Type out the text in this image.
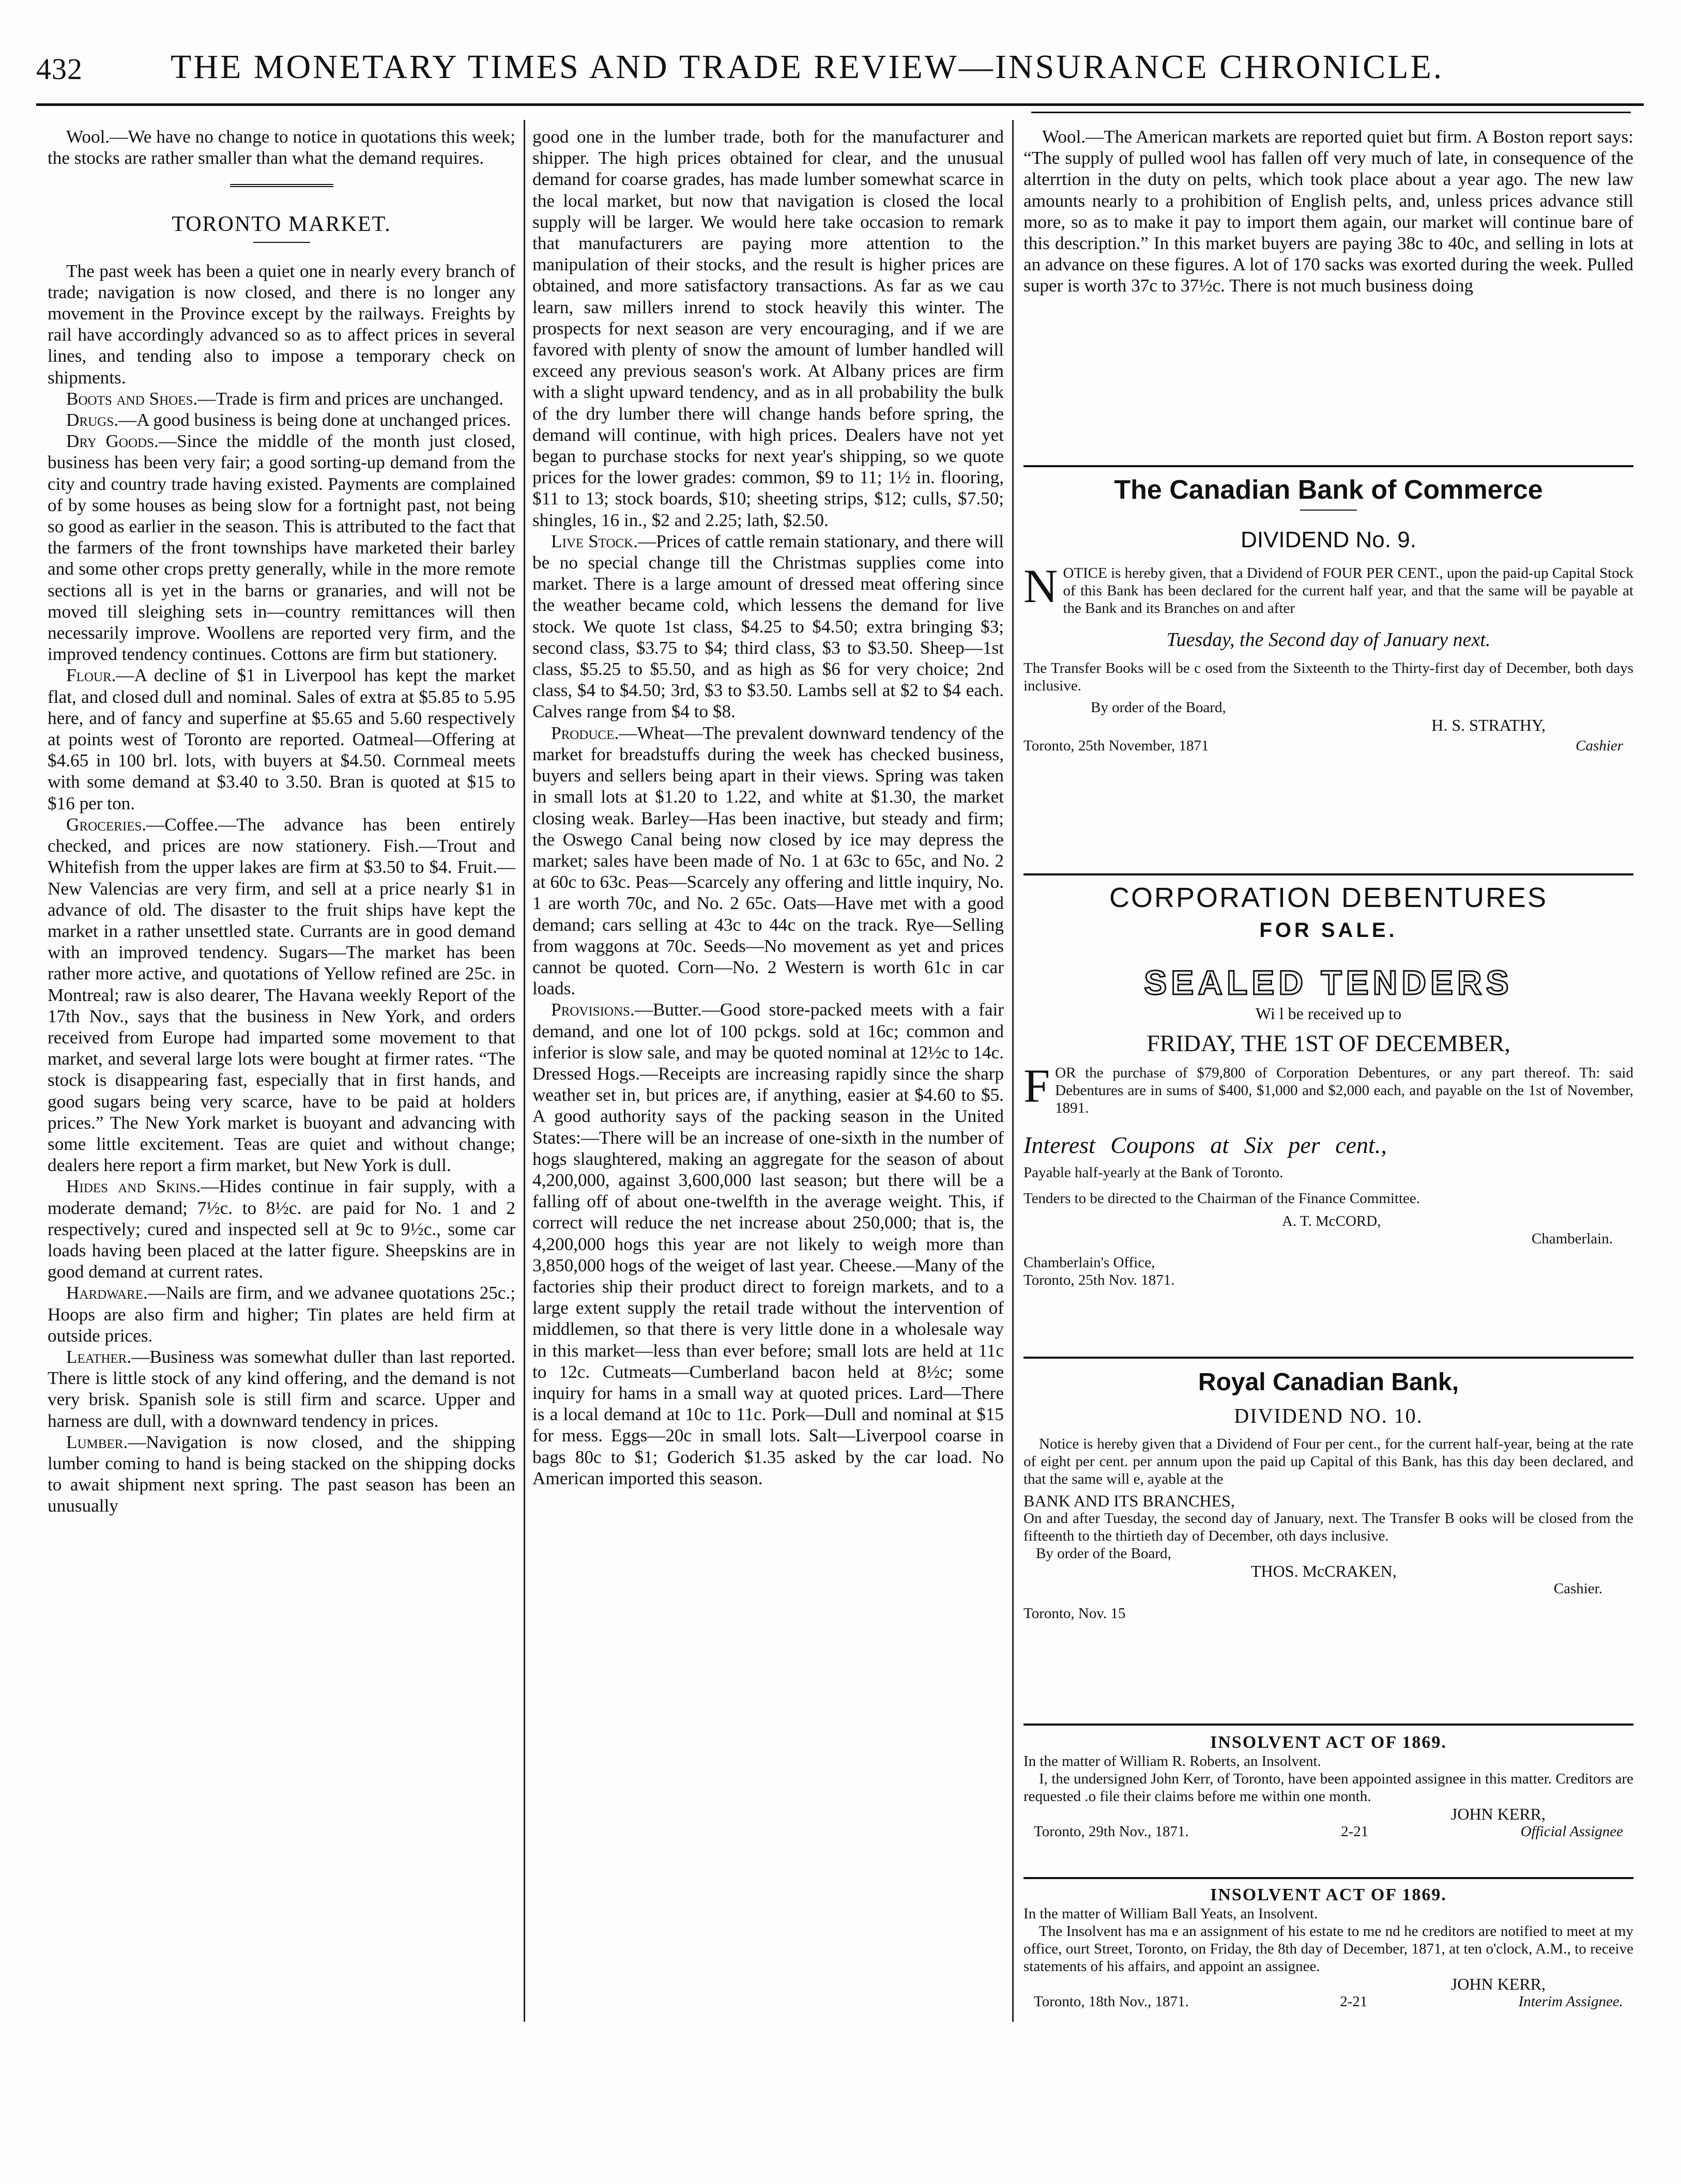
432	THE MONETARY TIMES AND TRADE REVIEW—INSURANCE CHRONICLE.

Wool.—We have no change to notice in quotations this week; the stocks are rather smaller than what the demand requires.

TORONTO MARKET.

The past week has been a quiet one in nearly every branch of trade; navigation is now closed, and there is no longer any movement in the Province except by the railways. Freights by rail have accordingly advanced so as to affect prices in several lines, and tending also to impose a temporary check on shipments.

Boots and Shoes.—Trade is firm and prices are unchanged.

Drugs.—A good business is being done at unchanged prices.

Dry Goods.—Since the middle of the month just closed, business has been very fair; a good sorting-up demand from the city and country trade having existed. Payments are complained of by some houses as being slow for a fortnight past, not being so good as earlier in the season. This is attributed to the fact that the farmers of the front townships have marketed their barley and some other crops pretty generally, while in the more remote sections all is yet in the barns or granaries, and will not be moved till sleighing sets in—country remittances will then necessarily improve. Woollens are reported very firm, and the improved tendency continues. Cottons are firm but stationery.

Flour.—A decline of $1 in Liverpool has kept the market flat, and closed dull and nominal. Sales of extra at $5.85 to 5.95 here, and of fancy and superfine at $5.65 and 5.60 respectively at points west of Toronto are reported. Oatmeal—Offering at $4.65 in 100 brl. lots, with buyers at $4.50. Cornmeal meets with some demand at $3.40 to 3.50. Bran is quoted at $15 to $16 per ton.

Groceries.—Coffee.—The advance has been entirely checked, and prices are now stationery. Fish.—Trout and Whitefish from the upper lakes are firm at $3.50 to $4. Fruit.—New Valencias are very firm, and sell at a price nearly $1 in advance of old. The disaster to the fruit ships have kept the market in a rather unsettled state. Currants are in good demand with an improved tendency. Sugars—The market has been rather more active, and quotations of Yellow refined are 25c. in Montreal; raw is also dearer, The Havana weekly Report of the 17th Nov., says that the business in New York, and orders received from Europe had imparted some movement to that market, and several large lots were bought at firmer rates. “The stock is disappearing fast, especially that in first hands, and good sugars being very scarce, have to be paid at holders prices.” The New York market is buoyant and advancing with some little excitement. Teas are quiet and without change; dealers here report a firm market, but New York is dull.

Hides and Skins.—Hides continue in fair supply, with a moderate demand; 7½c. to 8½c. are paid for No. 1 and 2 respectively; cured and inspected sell at 9c to 9½c., some car loads having been placed at the latter figure. Sheepskins are in good demand at current rates.

Hardware.—Nails are firm, and we advanee quotations 25c.; Hoops are also firm and higher; Tin plates are held firm at outside prices.

Leather.—Business was somewhat duller than last reported. There is little stock of any kind offering, and the demand is not very brisk. Spanish sole is still firm and scarce. Upper and harness are dull, with a downward tendency in prices.

Lumber.—Navigation is now closed, and the shipping lumber coming to hand is being stacked on the shipping docks to await shipment next spring. The past season has been an unusually

good one in the lumber trade, both for the manufacturer and shipper. The high prices obtained for clear, and the unusual demand for coarse grades, has made lumber somewhat scarce in the local market, but now that navigation is closed the local supply will be larger. We would here take occasion to remark that manufacturers are paying more attention to the manipulation of their stocks, and the result is higher prices are obtained, and more satisfactory transactions. As far as we cau learn, saw millers inrend to stock heavily this winter. The prospects for next season are very encouraging, and if we are favored with plenty of snow the amount of lumber handled will exceed any previous season's work. At Albany prices are firm with a slight upward tendency, and as in all probability the bulk of the dry lumber there will change hands before spring, the demand will continue, with high prices. Dealers have not yet began to purchase stocks for next year's shipping, so we quote prices for the lower grades: common, $9 to 11; 1½ in. flooring, $11 to 13; stock boards, $10; sheeting strips, $12; culls, $7.50; shingles, 16 in., $2 and 2.25; lath, $2.50.

Live Stock.—Prices of cattle remain stationary, and there will be no special change till the Christmas supplies come into market. There is a large amount of dressed meat offering since the weather became cold, which lessens the demand for live stock. We quote 1st class, $4.25 to $4.50; extra bringing $3; second class, $3.75 to $4; third class, $3 to $3.50. Sheep—1st class, $5.25 to $5.50, and as high as $6 for very choice; 2nd class, $4 to $4.50; 3rd, $3 to $3.50. Lambs sell at $2 to $4 each. Calves range from $4 to $8.

Produce.—Wheat—The prevalent downward tendency of the market for breadstuffs during the week has checked business, buyers and sellers being apart in their views. Spring was taken in small lots at $1.20 to 1.22, and white at $1.30, the market closing weak. Barley—Has been inactive, but steady and firm; the Oswego Canal being now closed by ice may depress the market; sales have been made of No. 1 at 63c to 65c, and No. 2 at 60c to 63c. Peas—Scarcely any offering and little inquiry, No. 1 are worth 70c, and No. 2 65c. Oats—Have met with a good demand; cars selling at 43c to 44c on the track. Rye—Selling from waggons at 70c. Seeds—No movement as yet and prices cannot be quoted. Corn—No. 2 Western is worth 61c in car loads.

Provisions.—Butter.—Good store-packed meets with a fair demand, and one lot of 100 pckgs. sold at 16c; common and inferior is slow sale, and may be quoted nominal at 12½c to 14c. Dressed Hogs.—Receipts are increasing rapidly since the sharp weather set in, but prices are, if anything, easier at $4.60 to $5. A good authority says of the packing season in the United States:—There will be an increase of one-sixth in the number of hogs slaughtered, making an aggregate for the season of about 4,200,000, against 3,600,000 last season; but there will be a falling off of about one-twelfth in the average weight. This, if correct will reduce the net increase about 250,000; that is, the 4,200,000 hogs this year are not likely to weigh more than 3,850,000 hogs of the weiget of last year. Cheese.—Many of the factories ship their product direct to foreign markets, and to a large extent supply the retail trade without the intervention of middlemen, so that there is very little done in a wholesale way in this market—less than ever before; small lots are held at 11c to 12c. Cutmeats—Cumberland bacon held at 8½c; some inquiry for hams in a small way at quoted prices. Lard—There is a local demand at 10c to 11c. Pork—Dull and nominal at $15 for mess. Eggs—20c in small lots. Salt—Liverpool coarse in bags 80c to $1; Goderich $1.35 asked by the car load. No American imported this season.

Wool.—The American markets are reported quiet but firm. A Boston report says: “The supply of pulled wool has fallen off very much of late, in consequence of the alterrtion in the duty on pelts, which took place about a year ago. The new law amounts nearly to a prohibition of English pelts, and, unless prices advance still more, so as to make it pay to import them again, our market will continue bare of this description.” In this market buyers are paying 38c to 40c, and selling in lots at an advance on these figures. A lot of 170 sacks was exorted during the week. Pulled super is worth 37c to 37½c. There is not much business doing

The Canadian Bank of Commerce
DIVIDEND No. 9.
NOTICE is hereby given, that a Dividend of FOUR PER CENT., upon the paid-up Capital Stock of this Bank has been declared for the current half year, and that the same will be payable at the Bank and its Branches on and after
Tuesday, the Second day of January next.
The Transfer Books will be c osed from the Sixteenth to the Thirty-first day of December, both days inclusive.
By order of the Board,
H. S. STRATHY,
Toronto, 25th November, 1871	Cashier
CORPORATION DEBENTURES
FOR SALE.
SEALED TENDERS
Wi l be received up to
FRIDAY, THE 1ST OF DECEMBER,
FOR the purchase of $79,800 of Corporation Debentures, or any part thereof. Th: said Debentures are in sums of $400, $1,000 and $2,000 each, and payable on the 1st of November, 1891.
Interest Coupons at Six per cent.,
Payable half-yearly at the Bank of Toronto.
Tenders to be directed to the Chairman of the Finance Committee.
A. T. McCORD,
Chamberlain.
Chamberlain's Office,
Toronto, 25th Nov. 1871.
Royal Canadian Bank,
DIVIDEND NO. 10.
Notice is hereby given that a Dividend of Four per cent., for the current half-year, being at the rate of eight per cent. per annum upon the paid up Capital of this Bank, has this day been declared, and that the same will e, ayable at the
BANK AND ITS BRANCHES,
On and after Tuesday, the second day of January, next. The Transfer B ooks will be closed from the fifteenth to the thirtieth day of December, oth days inclusive.
By order of the Board,
THOS. McCRAKEN,
Cashier.
Toronto, Nov. 15
INSOLVENT ACT OF 1869.
In the matter of William R. Roberts, an Insolvent.
I, the undersigned John Kerr, of Toronto, have been appointed assignee in this matter. Creditors are requested .o file their claims before me within one month.
JOHN KERR,
Toronto, 29th Nov., 1871.	2-21	Official Assignee
INSOLVENT ACT OF 1869.
In the matter of William Ball Yeats, an Insolvent.
The Insolvent has ma e an assignment of his estate to me nd he creditors are notified to meet at my office, ourt Street, Toronto, on Friday, the 8th day of December, 1871, at ten o'clock, A.M., to receive statements of his affairs, and appoint an assignee.
JOHN KERR,
Toronto, 18th Nov., 1871.	2-21	Interim Assignee.
